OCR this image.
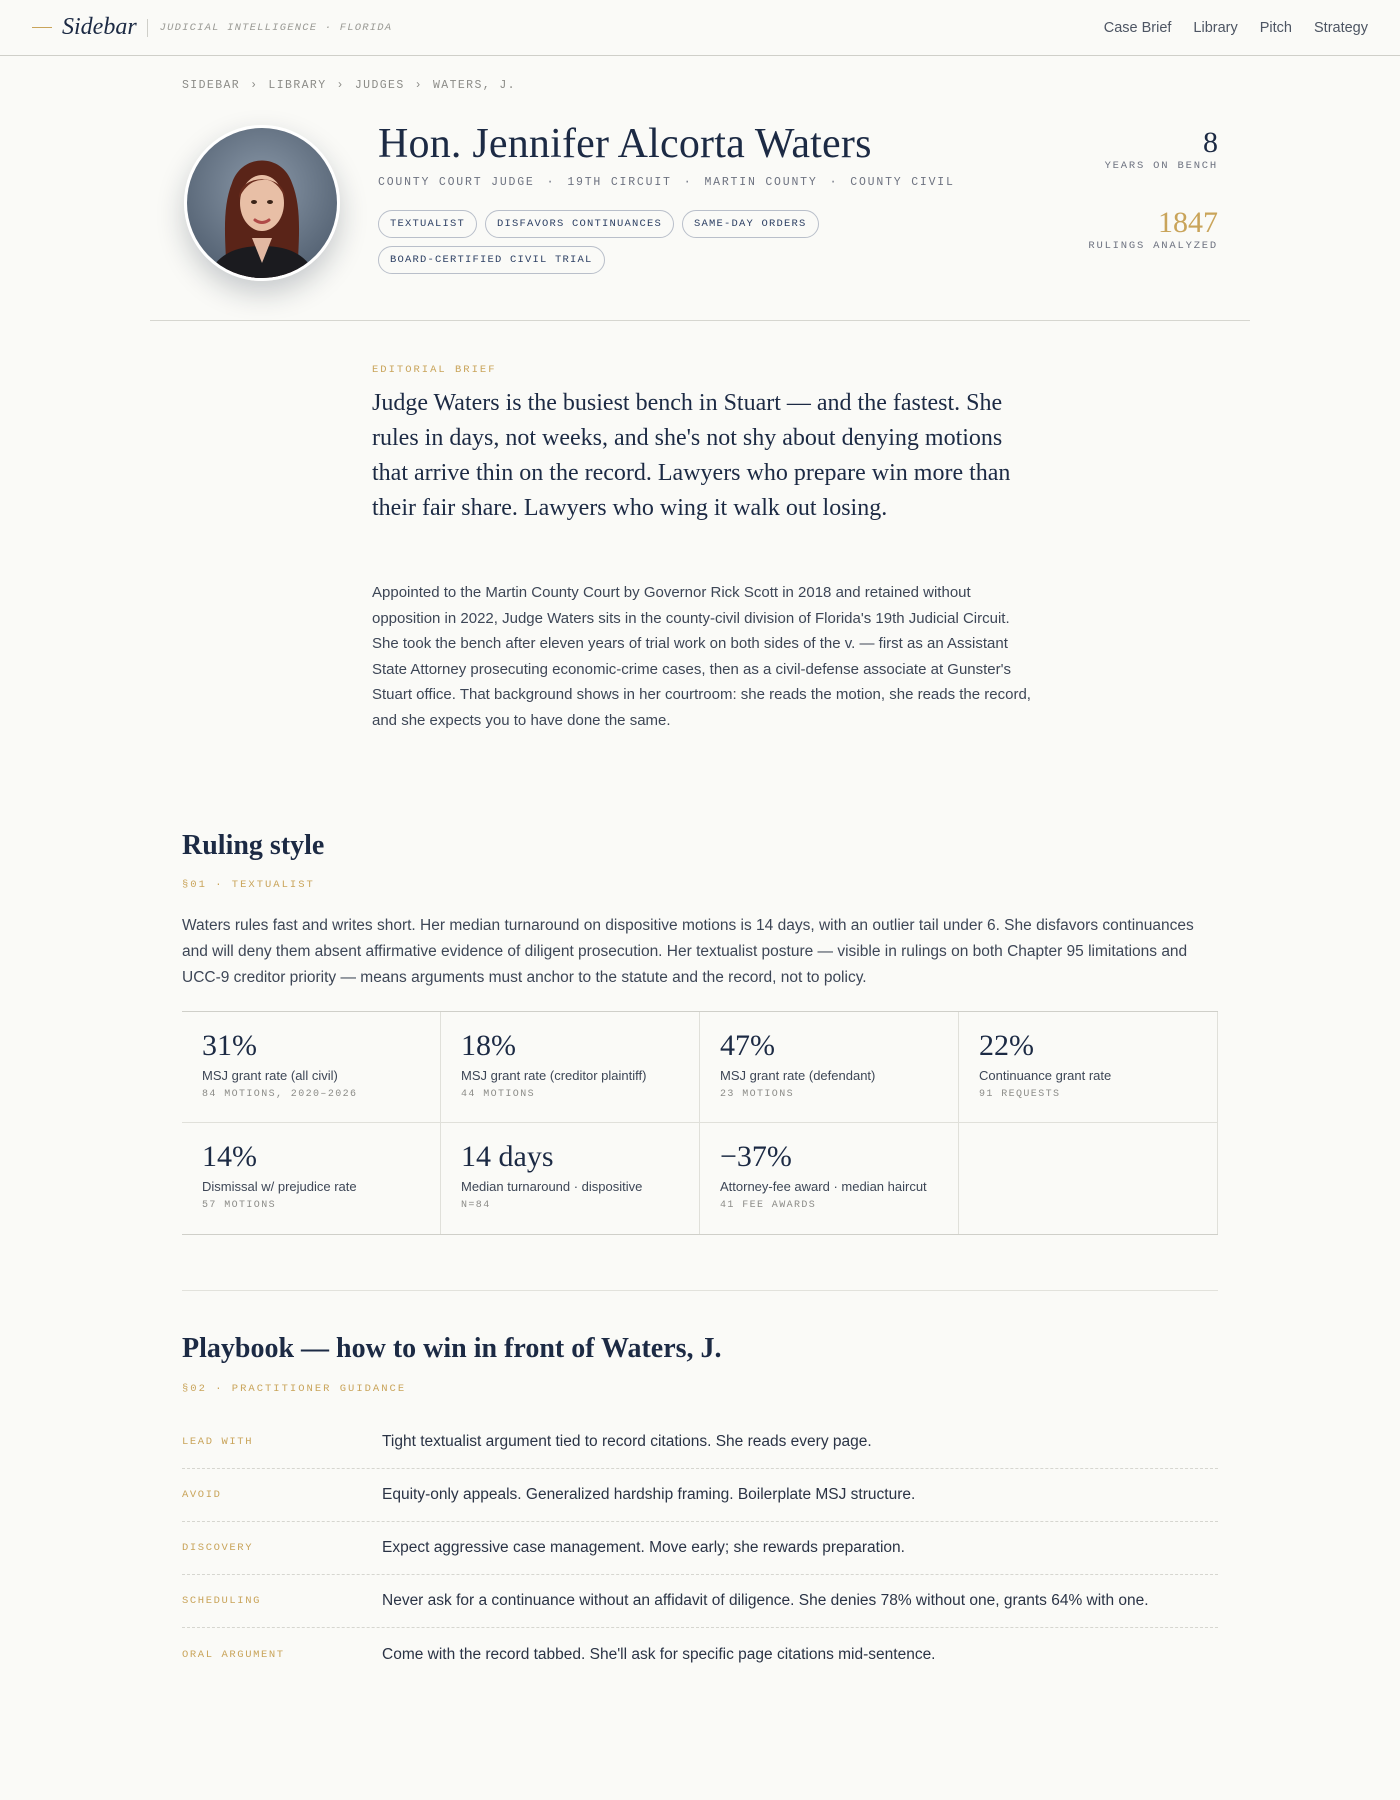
Sidebar JUDICIAL INTELLIGENCE · FLORIDA	Case Brief Library Pitch Strategy
SIDEBAR › LIBRARY › JUDGES › WATERS, J.
Hon. Jennifer Alcorta Waters
COUNTY COURT JUDGE · 19TH CIRCUIT · MARTIN COUNTY · COUNTY CIVIL
TEXTUALIST	DISFAVORS CONTINUANCES	SAME-DAY ORDERS
BOARD-CERTIFIED CIVIL TRIAL
8
YEARS ON BENCH
1847
RULINGS ANALYZED
EDITORIAL BRIEF

Judge Waters is the busiest bench in Stuart — and the fastest. She rules in days, not weeks, and she's not shy about denying motions that arrive thin on the record. Lawyers who prepare win more than their fair share. Lawyers who wing it walk out losing.

Appointed to the Martin County Court by Governor Rick Scott in 2018 and retained without opposition in 2022, Judge Waters sits in the county-civil division of Florida's 19th Judicial Circuit. She took the bench after eleven years of trial work on both sides of the v. — first as an Assistant State Attorney prosecuting economic-crime cases, then as a civil-defense associate at Gunster's Stuart office. That background shows in her courtroom: she reads the motion, she reads the record, and she expects you to have done the same.

Ruling style
§01 · TEXTUALIST

Waters rules fast and writes short. Her median turnaround on dispositive motions is 14 days, with an outlier tail under 6. She disfavors continuances and will deny them absent affirmative evidence of diligent prosecution. Her textualist posture — visible in rulings on both Chapter 95 limitations and UCC-9 creditor priority — means arguments must anchor to the statute and the record, not to policy.

31%
MSJ grant rate (all civil)
84 MOTIONS, 2020–2026
18%
MSJ grant rate (creditor plaintiff)
44 MOTIONS
47%
MSJ grant rate (defendant)
23 MOTIONS
22%
Continuance grant rate
91 REQUESTS
14%
Dismissal w/ prejudice rate
57 MOTIONS
14 days
Median turnaround · dispositive
N=84
−37%
Attorney-fee award · median haircut
41 FEE AWARDS
Playbook — how to win in front of Waters, J.
§02 · PRACTITIONER GUIDANCE
LEAD WITH	Tight textualist argument tied to record citations. She reads every page.
AVOID	Equity-only appeals. Generalized hardship framing. Boilerplate MSJ structure.
DISCOVERY	Expect aggressive case management. Move early; she rewards preparation.
SCHEDULING	Never ask for a continuance without an affidavit of diligence. She denies 78% without one, grants 64% with one.
ORAL ARGUMENT	Come with the record tabbed. She'll ask for specific page citations mid-sentence.
